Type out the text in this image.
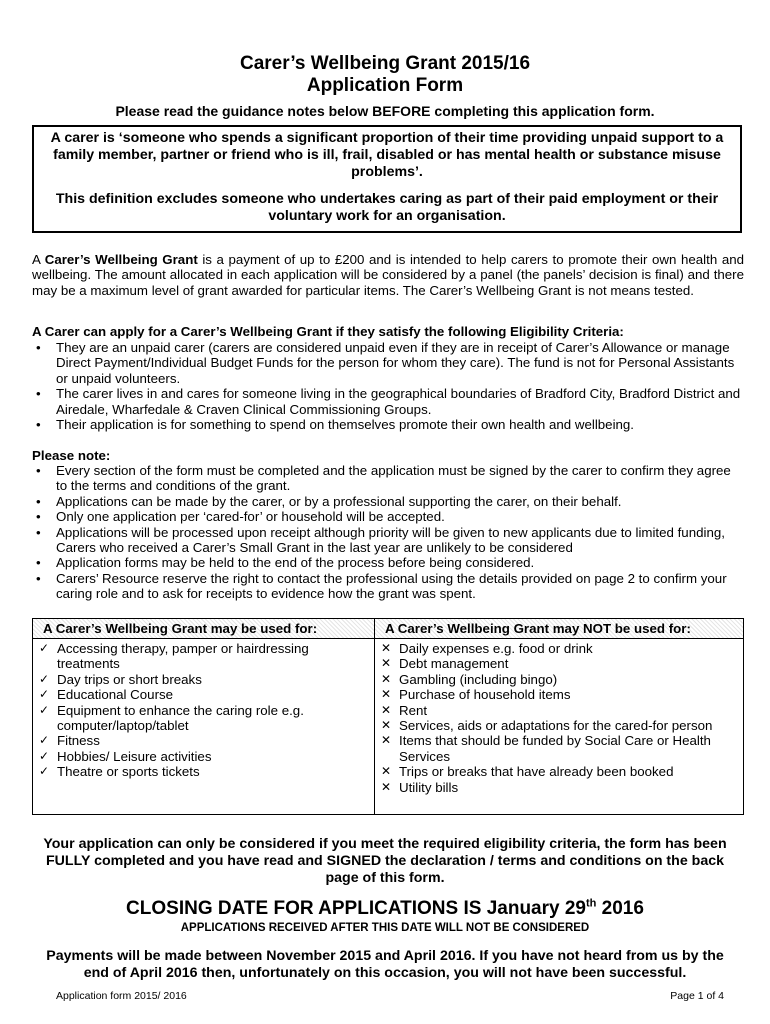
Carer’s Wellbeing Grant 2015/16
Application Form
Please read the guidance notes below BEFORE completing this application form.
A carer is ‘someone who spends a significant proportion of their time providing unpaid support to a family member, partner or friend who is ill, frail, disabled or has mental health or substance misuse problems’.
This definition excludes someone who undertakes caring as part of their paid employment or their voluntary work for an organisation.
A Carer’s Wellbeing Grant is a payment of up to £200 and is intended to help carers to promote their own health and wellbeing. The amount allocated in each application will be considered by a panel (the panels’ decision is final) and there may be a maximum level of grant awarded for particular items. The Carer’s Wellbeing Grant is not means tested.
A Carer can apply for a Carer’s Wellbeing Grant if they satisfy the following Eligibility Criteria:
• They are an unpaid carer (carers are considered unpaid even if they are in receipt of Carer’s Allowance or manage Direct Payment/Individual Budget Funds for the person for whom they care). The fund is not for Personal Assistants or unpaid volunteers.
• The carer lives in and cares for someone living in the geographical boundaries of Bradford City, Bradford District and Airedale, Wharfedale & Craven Clinical Commissioning Groups.
• Their application is for something to spend on themselves promote their own health and wellbeing.
Please note:
• Every section of the form must be completed and the application must be signed by the carer to confirm they agree to the terms and conditions of the grant.
• Applications can be made by the carer, or by a professional supporting the carer, on their behalf.
• Only one application per ‘cared-for’ or household will be accepted.
• Applications will be processed upon receipt although priority will be given to new applicants due to limited funding, Carers who received a Carer’s Small Grant in the last year are unlikely to be considered
• Application forms may be held to the end of the process before being considered.
• Carers’ Resource reserve the right to contact the professional using the details provided on page 2 to confirm your caring role and to ask for receipts to evidence how the grant was spent.
A Carer’s Wellbeing Grant may be used for:	A Carer’s Wellbeing Grant may NOT be used for:
✓ Accessing therapy, pamper or hairdressing treatments
✓ Day trips or short breaks
✓ Educational Course
✓ Equipment to enhance the caring role e.g. computer/laptop/tablet
✓ Fitness
✓ Hobbies/ Leisure activities
✓ Theatre or sports tickets
✕ Daily expenses e.g. food or drink
✕ Debt management
✕ Gambling (including bingo)
✕ Purchase of household items
✕ Rent
✕ Services, aids or adaptations for the cared-for person
✕ Items that should be funded by Social Care or Health Services
✕ Trips or breaks that have already been booked
✕ Utility bills
Your application can only be considered if you meet the required eligibility criteria, the form has been FULLY completed and you have read and SIGNED the declaration / terms and conditions on the back page of this form.
CLOSING DATE FOR APPLICATIONS IS January 29th 2016
APPLICATIONS RECEIVED AFTER THIS DATE WILL NOT BE CONSIDERED
Payments will be made between November 2015 and April 2016. If you have not heard from us by the end of April 2016 then, unfortunately on this occasion, you will not have been successful.
Application form 2015/ 2016	Page 1 of 4
